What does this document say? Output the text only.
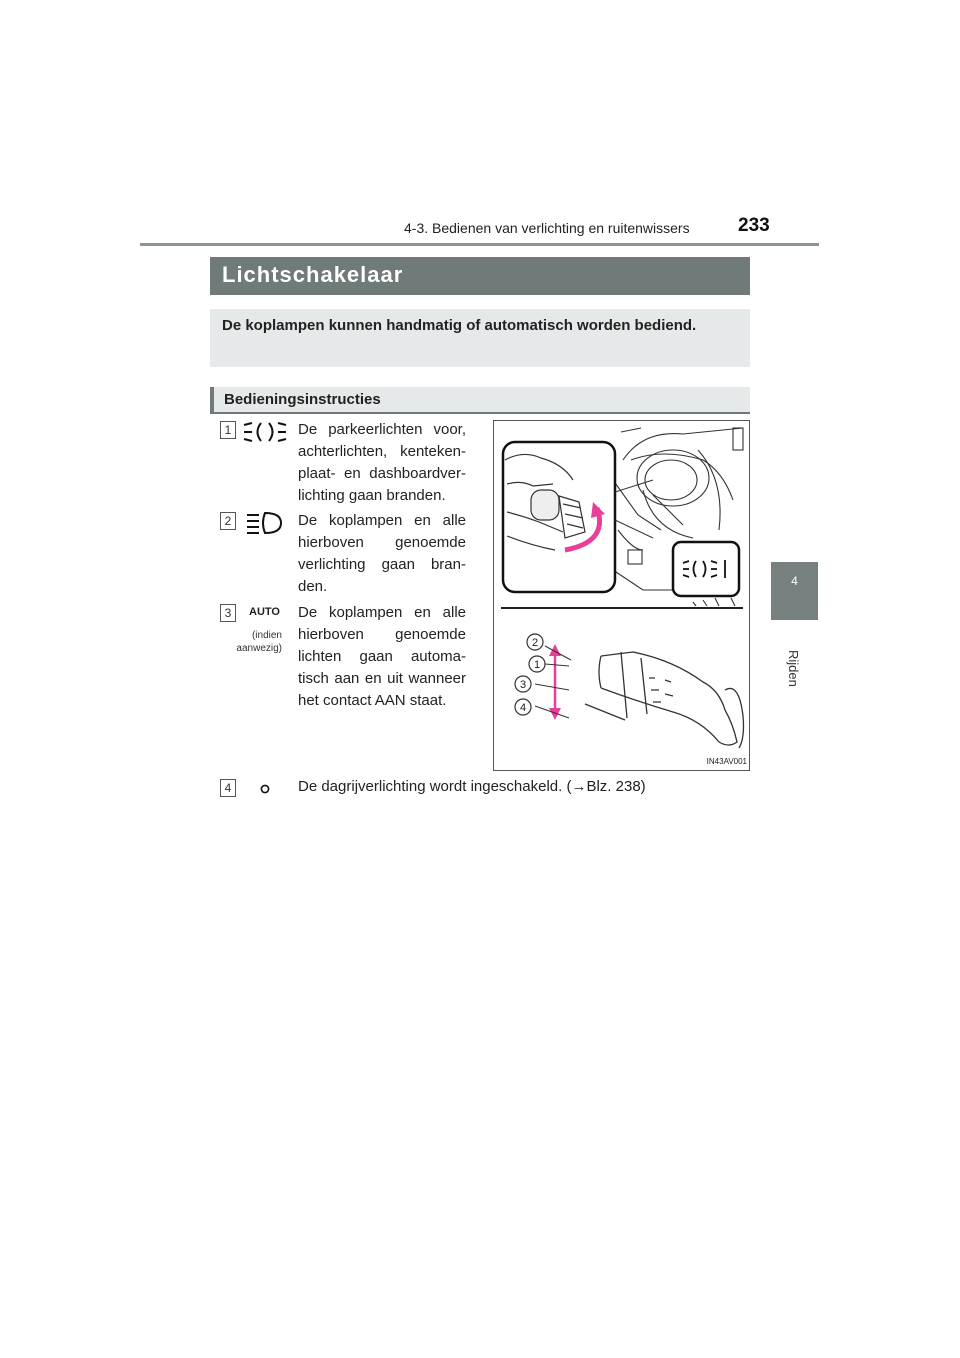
4-3. Bedienen van verlichting en ruitenwissers	233
4
Rijden
Lichtschakelaar
De koplampen kunnen handmatig of automatisch worden bediend.
Bedieningsinstructies
1	De parkeerlichten voor, achterlichten, kenteken-plaat- en dashboardver-lichting gaan branden.
2	De koplampen en alle hierboven genoemde verlichting gaan bran-den.
3	AUTO
(indien aanwezig)
De koplampen en alle hierboven genoemde lichten gaan automa-tisch aan en uit wanneer het contact AAN staat.
4	De dagrijverlichting wordt ingeschakeld. (→Blz. 238)
2
1
3
4
IN43AV001
